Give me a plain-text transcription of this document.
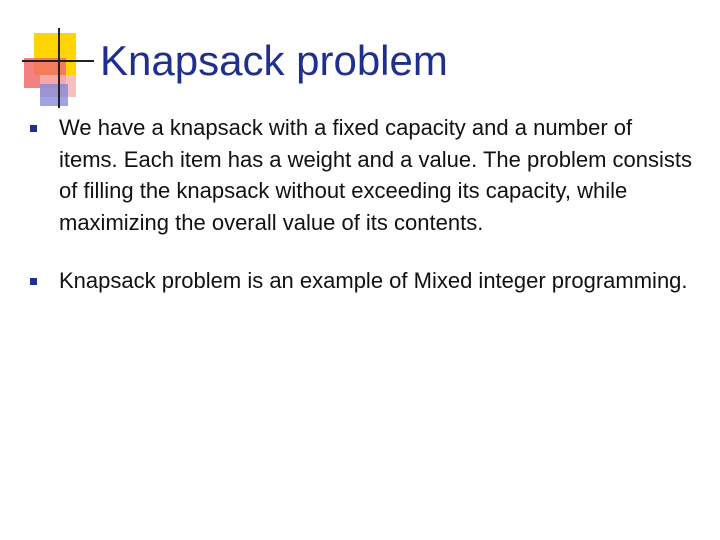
Knapsack problem
We have a knapsack with a fixed capacity and a number of items. Each item has a weight and a value. The problem consists of filling the knapsack without exceeding its capacity, while maximizing the overall value of its contents.
Knapsack problem is an example of Mixed integer programming.
